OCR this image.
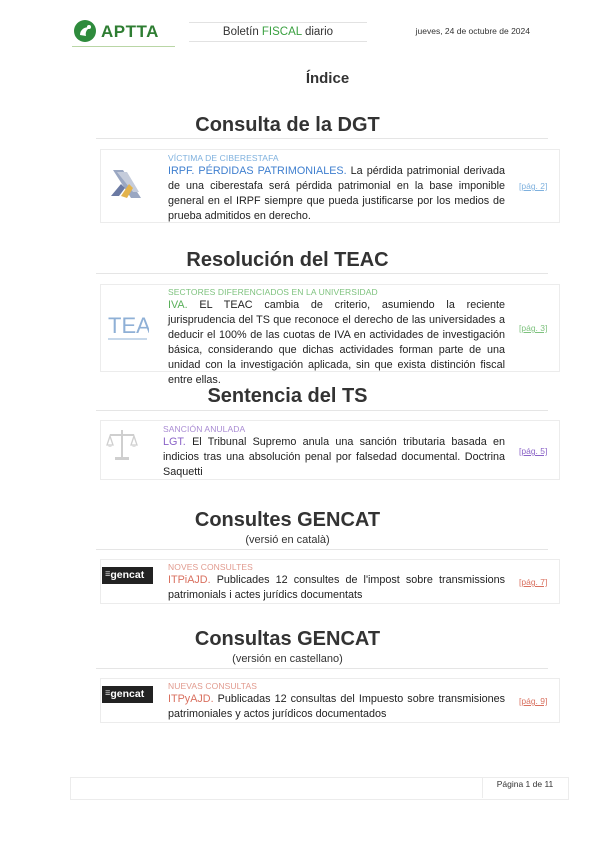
APTTA	Boletín FISCAL diario	jueves, 24 de octubre de 2024
Índice
Consulta de la DGT
VÍCTIMA DE CIBERESTAFA
IRPF. PÉRDIDAS PATRIMONIALES. La pérdida patrimonial derivada de una ciberestafa será pérdida patrimonial en la base imponible general en el IRPF siempre que pueda justificarse por los medios de prueba admitidos en derecho.
[pág. 2]
Resolución del TEAC
TEA
SECTORES DIFERENCIADOS EN LA UNIVERSIDAD
IVA. EL TEAC cambia de criterio, asumiendo la reciente jurisprudencia del TS que reconoce el derecho de las universidades a deducir el 100% de las cuotas de IVA en actividades de investigación básica, considerando que dichas actividades forman parte de una unidad con la investigación aplicada, sin que exista distinción fiscal entre ellas.
[pág. 3]
Sentencia del TS
SANCIÓN ANULADA
LGT. El Tribunal Supremo anula una sanción tributaria basada en indicios tras una absolución penal por falsedad documental. Doctrina Saquetti
[pág. 5]
Consultes GENCAT
(versió en català)
☰gencat
NOVES CONSULTES
ITPiAJD. Publicades 12 consultes de l'impost sobre transmissions patrimonials i actes jurídics documentats
[pág. 7]
Consultas GENCAT
(versión en castellano)
☰gencat
NUEVAS CONSULTAS
ITPyAJD. Publicadas 12 consultas del Impuesto sobre transmisiones patrimoniales y actos jurídicos documentados
[pág. 9]
Página 1 de 11
